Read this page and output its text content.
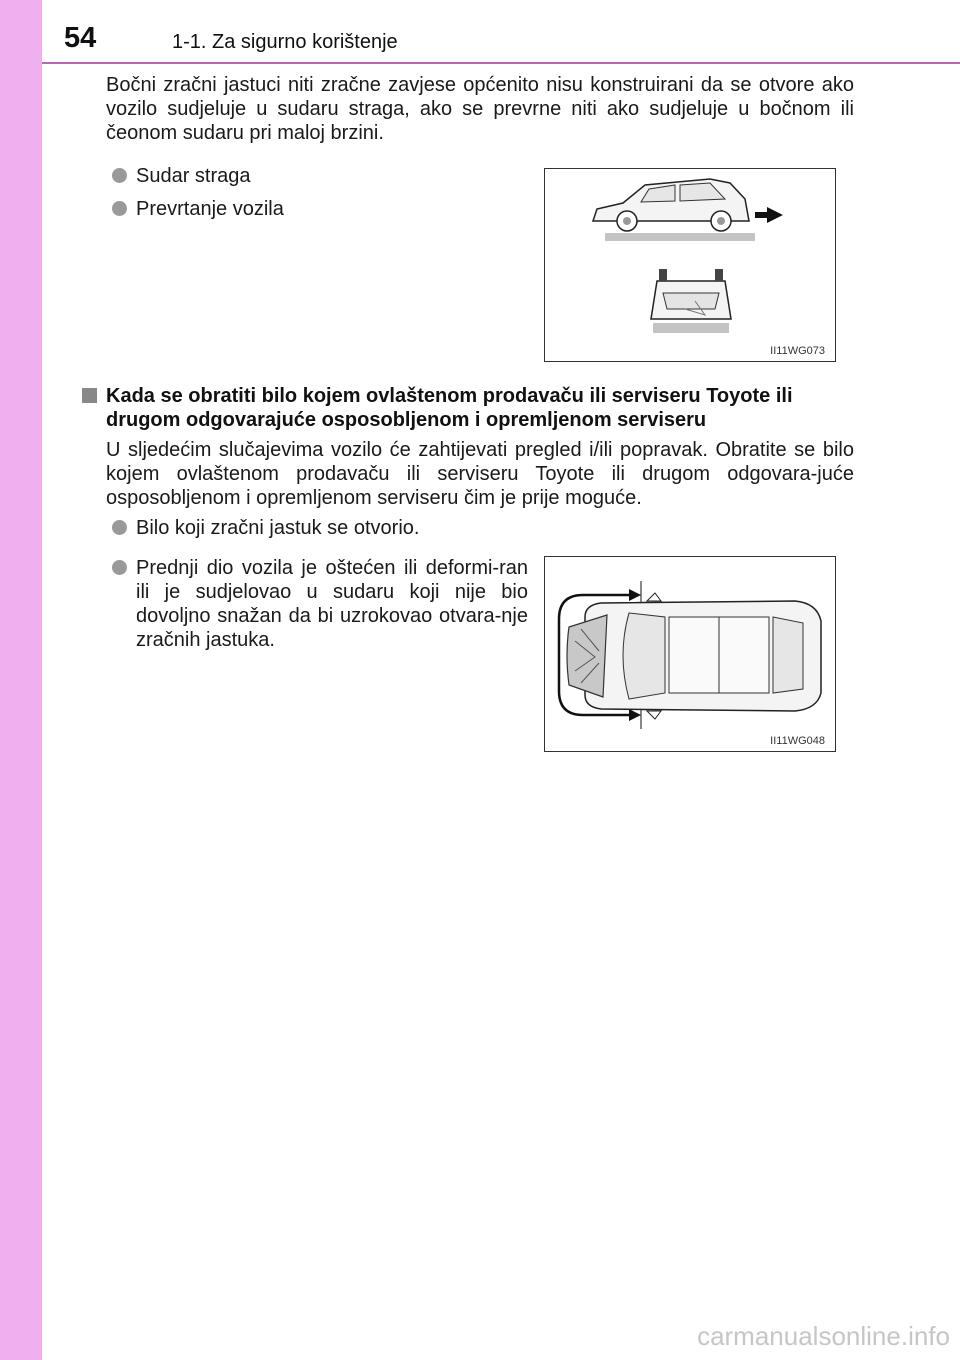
54	1-1. Za sigurno korištenje
Bočni zračni jastuci niti zračne zavjese općenito nisu konstruirani da se otvore ako vozilo sudjeluje u sudaru straga, ako se prevrne niti ako sudjeluje u bočnom ili čeonom sudaru pri maloj brzini.
Sudar straga
Prevrtanje vozila
II11WG073
Kada se obratiti bilo kojem ovlaštenom prodavaču ili serviseru Toyote ili drugom odgovarajuće osposobljenom i opremljenom serviseru
U sljedećim slučajevima vozilo će zahtijevati pregled i/ili popravak. Obratite se bilo kojem ovlaštenom prodavaču ili serviseru Toyote ili drugom odgovara-juće osposobljenom i opremljenom serviseru čim je prije moguće.
Bilo koji zračni jastuk se otvorio.
Prednji dio vozila je oštećen ili deformi-ran ili je sudjelovao u sudaru koji nije bio dovoljno snažan da bi uzrokovao otvara-nje zračnih jastuka.
II11WG048
carmanualsonline.info
